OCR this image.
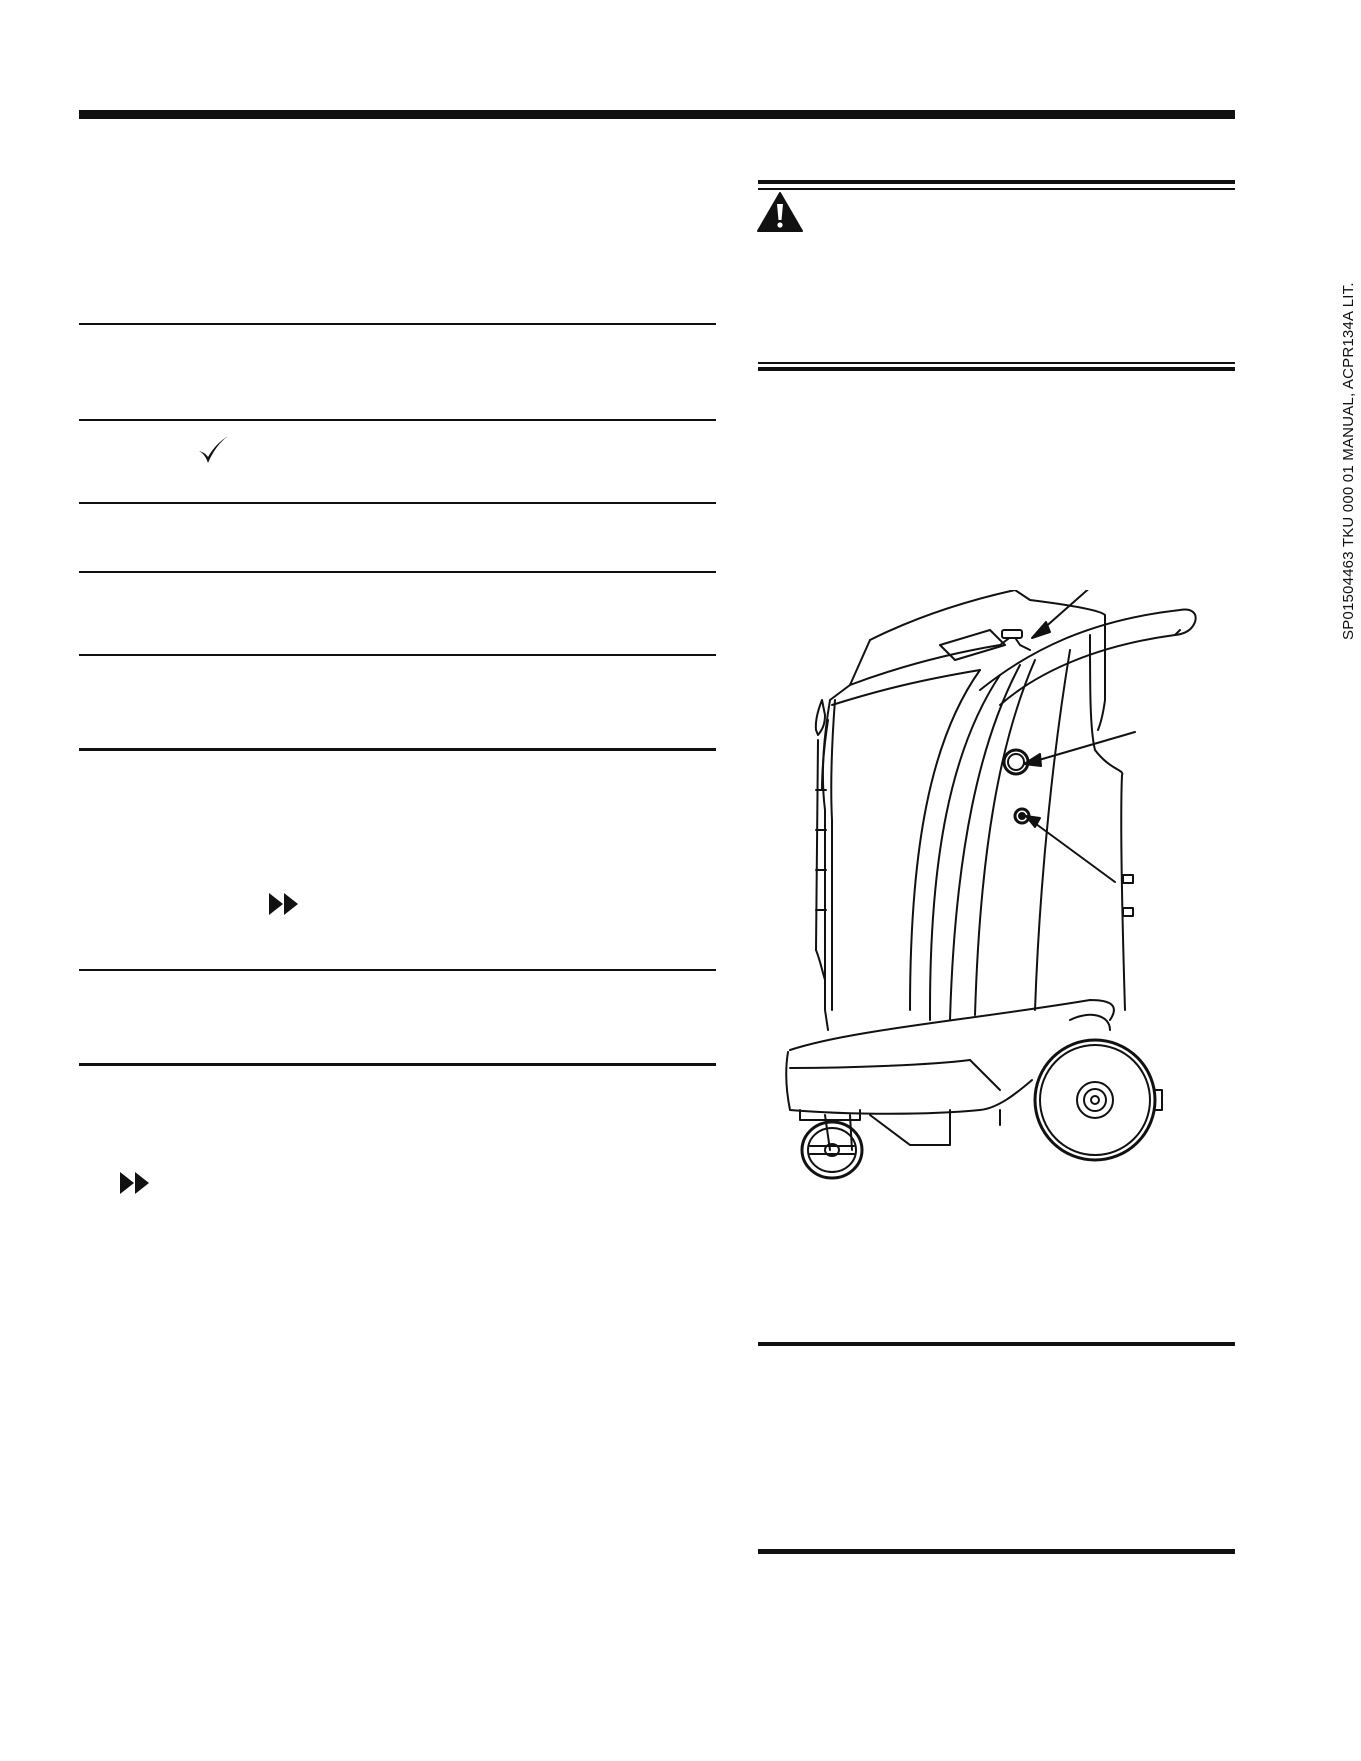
SP01504463 TKU 000 01 MANUAL, ACPR134A LIT.
